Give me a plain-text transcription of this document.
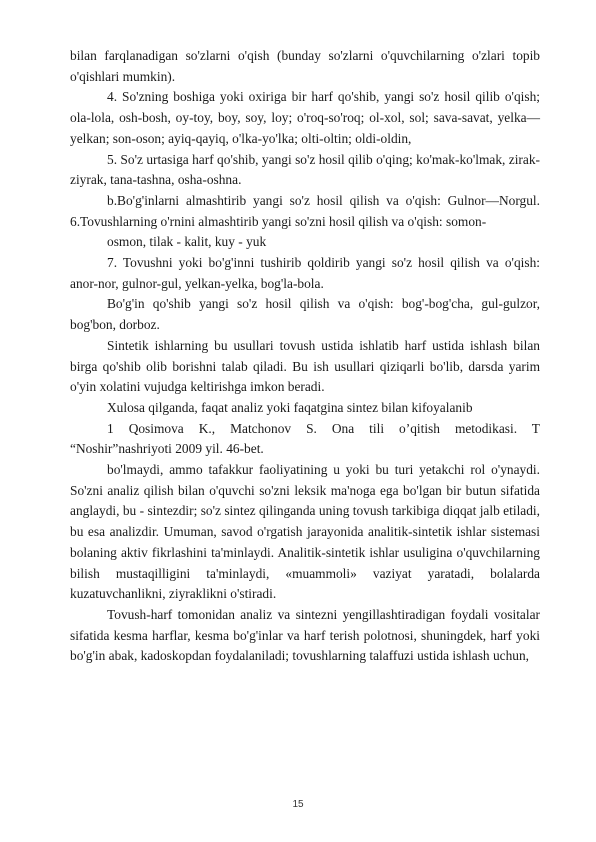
bilan farqlanadigan so'zlarni o'qish (bunday so'zlarni o'quvchilarning o'zlari topib o'qishlari mumkin).

4. So'zning boshiga yoki oxiriga bir harf qo'shib, yangi so'z hosil qilib o'qish; ola-lola, osh-bosh, oy-toy, boy, soy, loy; o'roq-so'roq; ol-xol, sol; sava-savat, yelka—yelkan; son-oson; ayiq-qayiq, o'lka-yo'lka; olti-oltin; oldi-oldin,

5. So'z urtasiga harf qo'shib, yangi so'z hosil qilib o'qing; ko'mak-ko'lmak, zirak-ziyrak, tana-tashna, osha-oshna.

b.Bo'g'inlarni almashtirib yangi so'z hosil qilish va o'qish: Gulnor—Norgul. 6.Tovushlarning o'rnini almashtirib yangi so'zni hosil qilish va o'qish: somon-

osmon, tilak - kalit, kuy - yuk

7. Tovushni yoki bo'g'inni tushirib qoldirib yangi so'z hosil qilish va o'qish: anor-nor, gulnor-gul, yelkan-yelka, bog'la-bola.

Bo'g'in qo'shib yangi so'z hosil qilish va o'qish: bog'-bog'cha, gul-gulzor, bog'bon, dorboz.

Sintetik ishlarning bu usullari tovush ustida ishlatib harf ustida ishlash bilan birga qo'shib olib borishni talab qiladi. Bu ish usullari qiziqarli bo'lib, darsda yarim o'yin xolatini vujudga keltirishga imkon beradi.

Xulosa qilganda, faqat analiz yoki faqatgina sintez bilan kifoyalanib

1 Qosimova K., Matchonov S. Ona tili o’qitish metodikasi. T “Noshir”nashriyoti 2009 yil. 46-bet.

bo'lmaydi, ammo tafakkur faoliyatining u yoki bu turi yetakchi rol o'ynaydi. So'zni analiz qilish bilan o'quvchi so'zni leksik ma'noga ega bo'lgan bir butun sifatida anglaydi, bu - sintezdir; so'z sintez qilinganda uning tovush tarkibiga diqqat jalb etiladi, bu esa analizdir. Umuman, savod o'rgatish jarayonida analitik-sintetik ishlar sistemasi bolaning aktiv fikrlashini ta'minlaydi. Analitik-sintetik ishlar usuligina o'quvchilarning bilish mustaqilligini ta'minlaydi, «muammoli» vaziyat yaratadi, bolalarda kuzatuvchanlikni, ziyraklikni o'stiradi.

Tovush-harf tomonidan analiz va sintezni yengillashtiradigan foydali vositalar sifatida kesma harflar, kesma bo'g'inlar va harf terish polotnosi, shuningdek, harf yoki bo'g'in abak, kadoskopdan foydalaniladi; tovushlarning talaffuzi ustida ishlash uchun,

15
